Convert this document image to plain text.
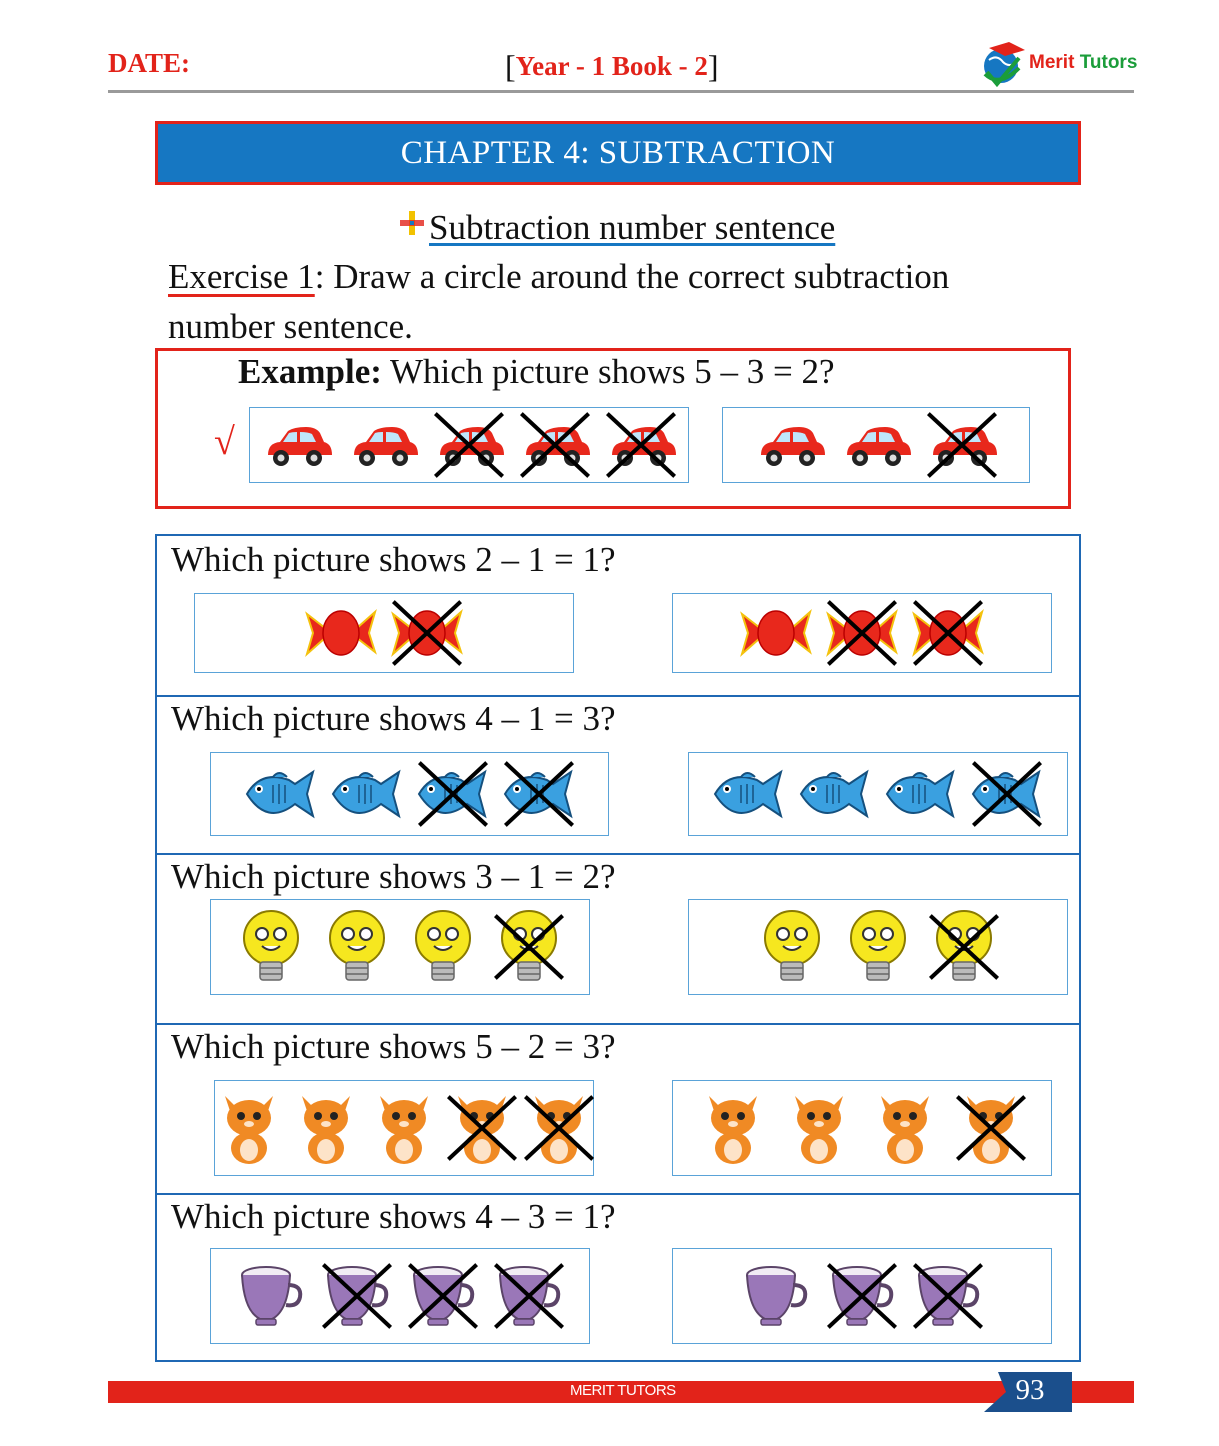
DATE:	[Year - 1 Book - 2]	Merit Tutors
CHAPTER 4: SUBTRACTION
Subtraction number sentence
Exercise 1: Draw a circle around the correct subtraction number sentence.
Example: Which picture shows 5 – 3 = 2?
√
Which picture shows 2 – 1 = 1?
Which picture shows 4 – 1 = 3?
Which picture shows 3 – 1 = 2?
Which picture shows 5 – 2 = 3?
Which picture shows 4 – 3 = 1?
MERIT TUTORS	93
